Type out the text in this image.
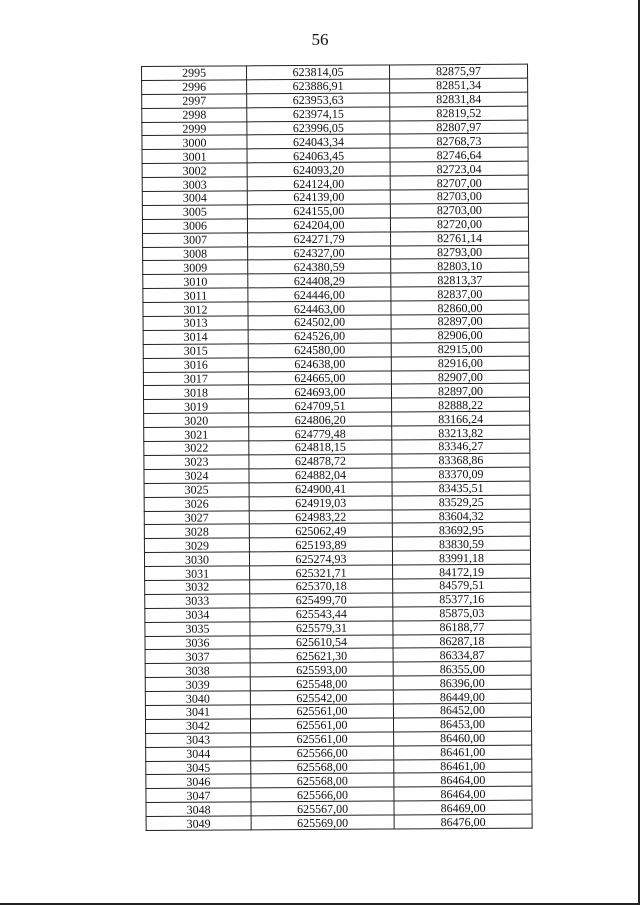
56
2995	623814,05	82875,97
2996	623886,91	82851,34
2997	623953,63	82831,84
2998	623974,15	82819,52
2999	623996,05	82807,97
3000	624043,34	82768,73
3001	624063,45	82746,64
3002	624093,20	82723,04
3003	624124,00	82707,00
3004	624139,00	82703,00
3005	624155,00	82703,00
3006	624204,00	82720,00
3007	624271,79	82761,14
3008	624327,00	82793,00
3009	624380,59	82803,10
3010	624408,29	82813,37
3011	624446,00	82837,00
3012	624463,00	82860,00
3013	624502,00	82897,00
3014	624526,00	82906,00
3015	624580,00	82915,00
3016	624638,00	82916,00
3017	624665,00	82907,00
3018	624693,00	82897,00
3019	624709,51	82888,22
3020	624806,20	83166,24
3021	624779,48	83213,82
3022	624818,15	83346,27
3023	624878,72	83368,86
3024	624882,04	83370,09
3025	624900,41	83435,51
3026	624919,03	83529,25
3027	624983,22	83604,32
3028	625062,49	83692,95
3029	625193,89	83830,59
3030	625274,93	83991,18
3031	625321,71	84172,19
3032	625370,18	84579,51
3033	625499,70	85377,16
3034	625543,44	85875,03
3035	625579,31	86188,77
3036	625610,54	86287,18
3037	625621,30	86334,87
3038	625593,00	86355,00
3039	625548,00	86396,00
3040	625542,00	86449,00
3041	625561,00	86452,00
3042	625561,00	86453,00
3043	625561,00	86460,00
3044	625566,00	86461,00
3045	625568,00	86461,00
3046	625568,00	86464,00
3047	625566,00	86464,00
3048	625567,00	86469,00
3049	625569,00	86476,00
